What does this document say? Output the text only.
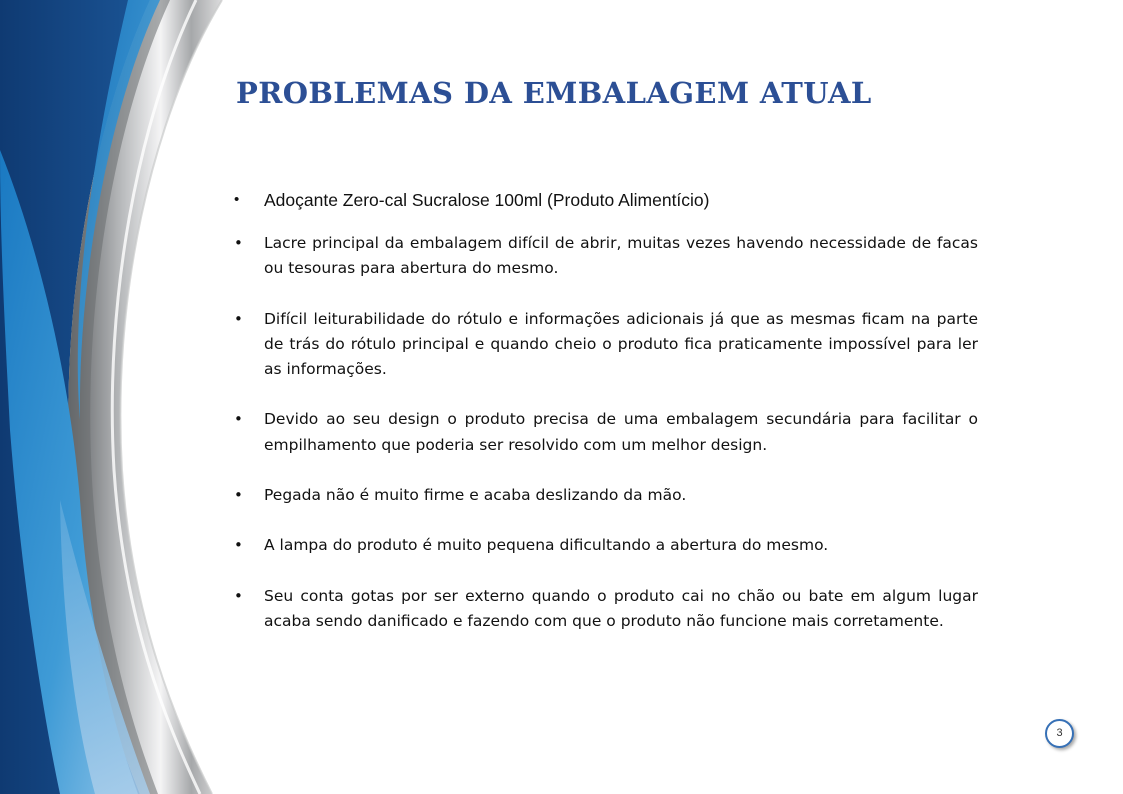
PROBLEMAS DA EMBALAGEM ATUAL
• Adoçante Zero-cal Sucralose 100ml (Produto Alimentício)
• Lacre principal da embalagem difícil de abrir, muitas vezes havendo necessidade de facas ou tesouras para abertura do mesmo.
• Difícil leiturabilidade do rótulo e informações adicionais já que as mesmas ficam na parte de trás do rótulo principal e quando cheio o produto fica praticamente impossível para ler as informações.
• Devido ao seu design o produto precisa de uma embalagem secundária para facilitar o empilhamento que poderia ser resolvido com um melhor design.
• Pegada não é muito firme e acaba deslizando da mão.
• A lampa do produto é muito pequena dificultando a abertura do mesmo.
• Seu conta gotas por ser externo quando o produto cai no chão ou bate em algum lugar acaba sendo danificado e fazendo com que o produto não funcione mais corretamente.
3
